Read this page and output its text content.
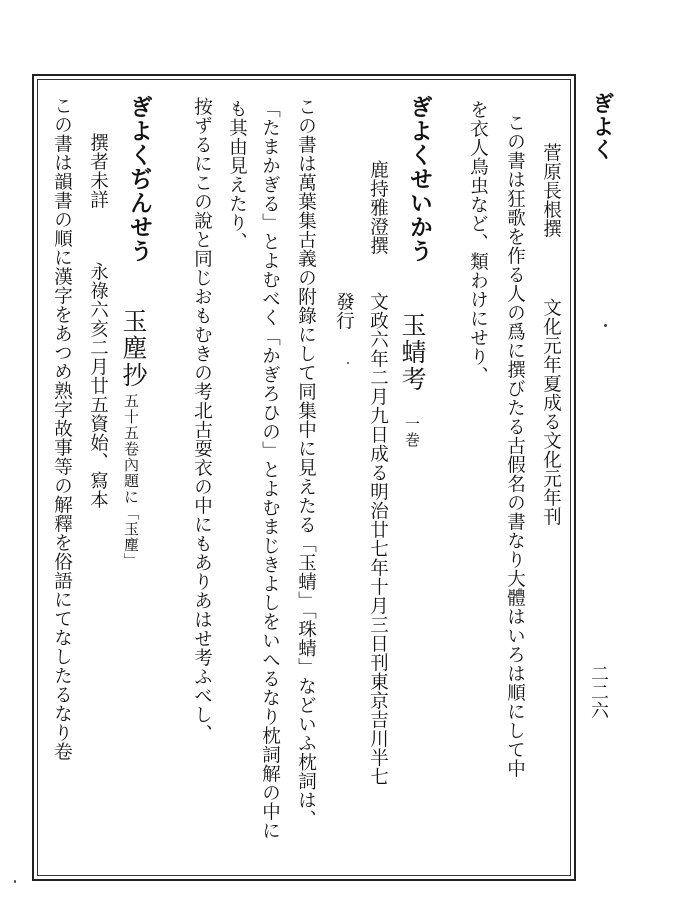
ぎよく
二二六
菅原長根撰
文化元年夏成る文化元年刊
この書は狂歌を作る人の爲に撰びたる古假名の書なり大體はいろは順にして中
を衣人鳥虫など、類わけにせり、
ぎよくせいかう
玉蜻考
一巻
鹿持雅澄撰
文政六年二月九日成る明治廿七年十月三日刊東京吉川半七
發行
この書は萬葉集古義の附錄にして同集中に見えたる「玉蜻」「珠蜻」などいふ枕詞は、
「たまかぎる」とよむべく「かぎろひの」とよむまじきよしをいへるなり枕詞解の中に
も其由見えたり、
按ずるにこの說と同じおもむきの考北古耍衣の中にもありあはせ考ふべし、
ぎよくぢんせう
玉塵抄
五十五卷內題に「玉塵」
撰者未詳
永祿六亥二月廿五資始、寫本
この書は韻書の順に漢字をあつめ熟字故事等の解釋を俗語にてなしたるなり卷
